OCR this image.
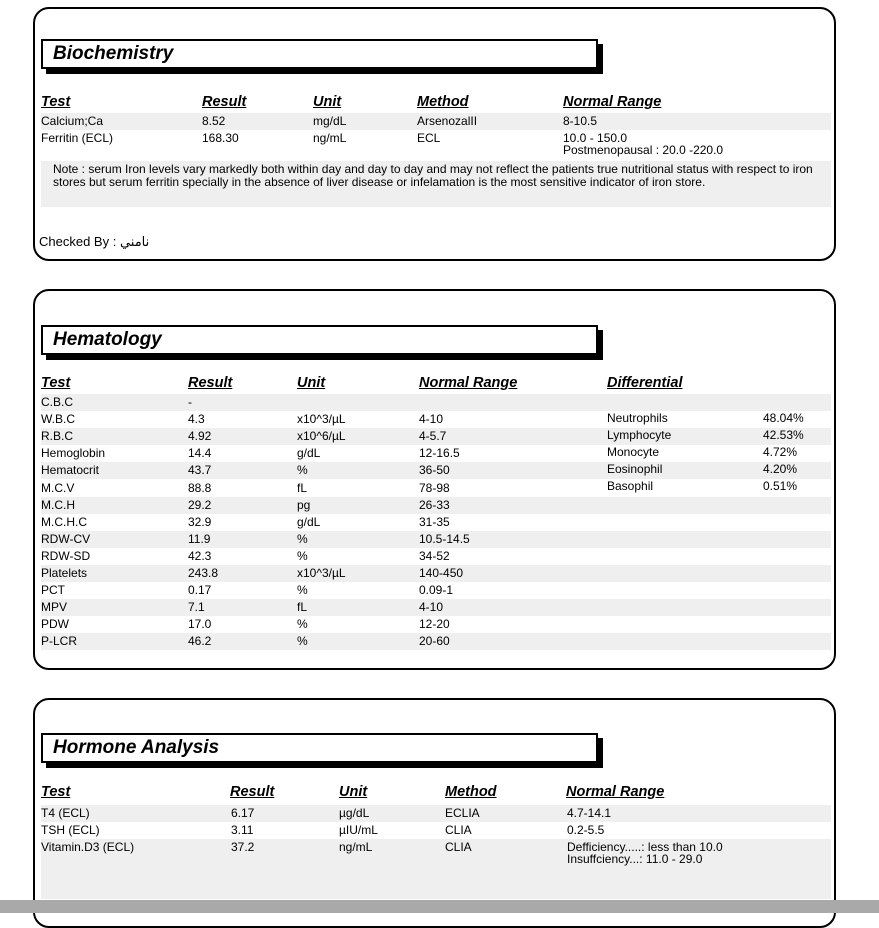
Biochemistry
Test	Result	Unit	Method	Normal Range
Calcium;Ca	8.52	mg/dL	ArsenozalII	8-10.5
Ferritin (ECL)	168.30	ng/mL	ECL	10.0 - 150.0
Postmenopausal : 20.0 -220.0
Note : serum Iron levels vary markedly both within day and day to day and may not reflect the patients true nutritional status with respect to iron stores but serum ferritin specially in the absence of liver disease or infelamation is the most sensitive indicator of iron store.
Checked By : نامني
Hematology
Test	Result	Unit	Normal Range	Differential
C.B.C	-
W.B.C	4.3	x10^3/µL	4-10
R.B.C	4.92	x10^6/µL	4-5.7
Hemoglobin	14.4	g/dL	12-16.5
Hematocrit	43.7	%	36-50
M.C.V	88.8	fL	78-98
M.C.H	29.2	pg	26-33
M.C.H.C	32.9	g/dL	31-35
RDW-CV	11.9	%	10.5-14.5
RDW-SD	42.3	%	34-52
Platelets	243.8	x10^3/µL	140-450
PCT	0.17	%	0.09-1
MPV	7.1	fL	4-10
PDW	17.0	%	12-20
P-LCR	46.2	%	20-60
Neutrophils	48.04%
Lymphocyte	42.53%
Monocyte	4.72%
Eosinophil	4.20%
Basophil	0.51%
Hormone Analysis
Test	Result	Unit	Method	Normal Range
T4 (ECL)	6.17	µg/dL	ECLIA	4.7-14.1
TSH (ECL)	3.11	µIU/mL	CLIA	0.2-5.5
Vitamin.D3 (ECL)	37.2	ng/mL	CLIA	Defficiency.....: less than 10.0
Insuffciency...: 11.0 - 29.0
